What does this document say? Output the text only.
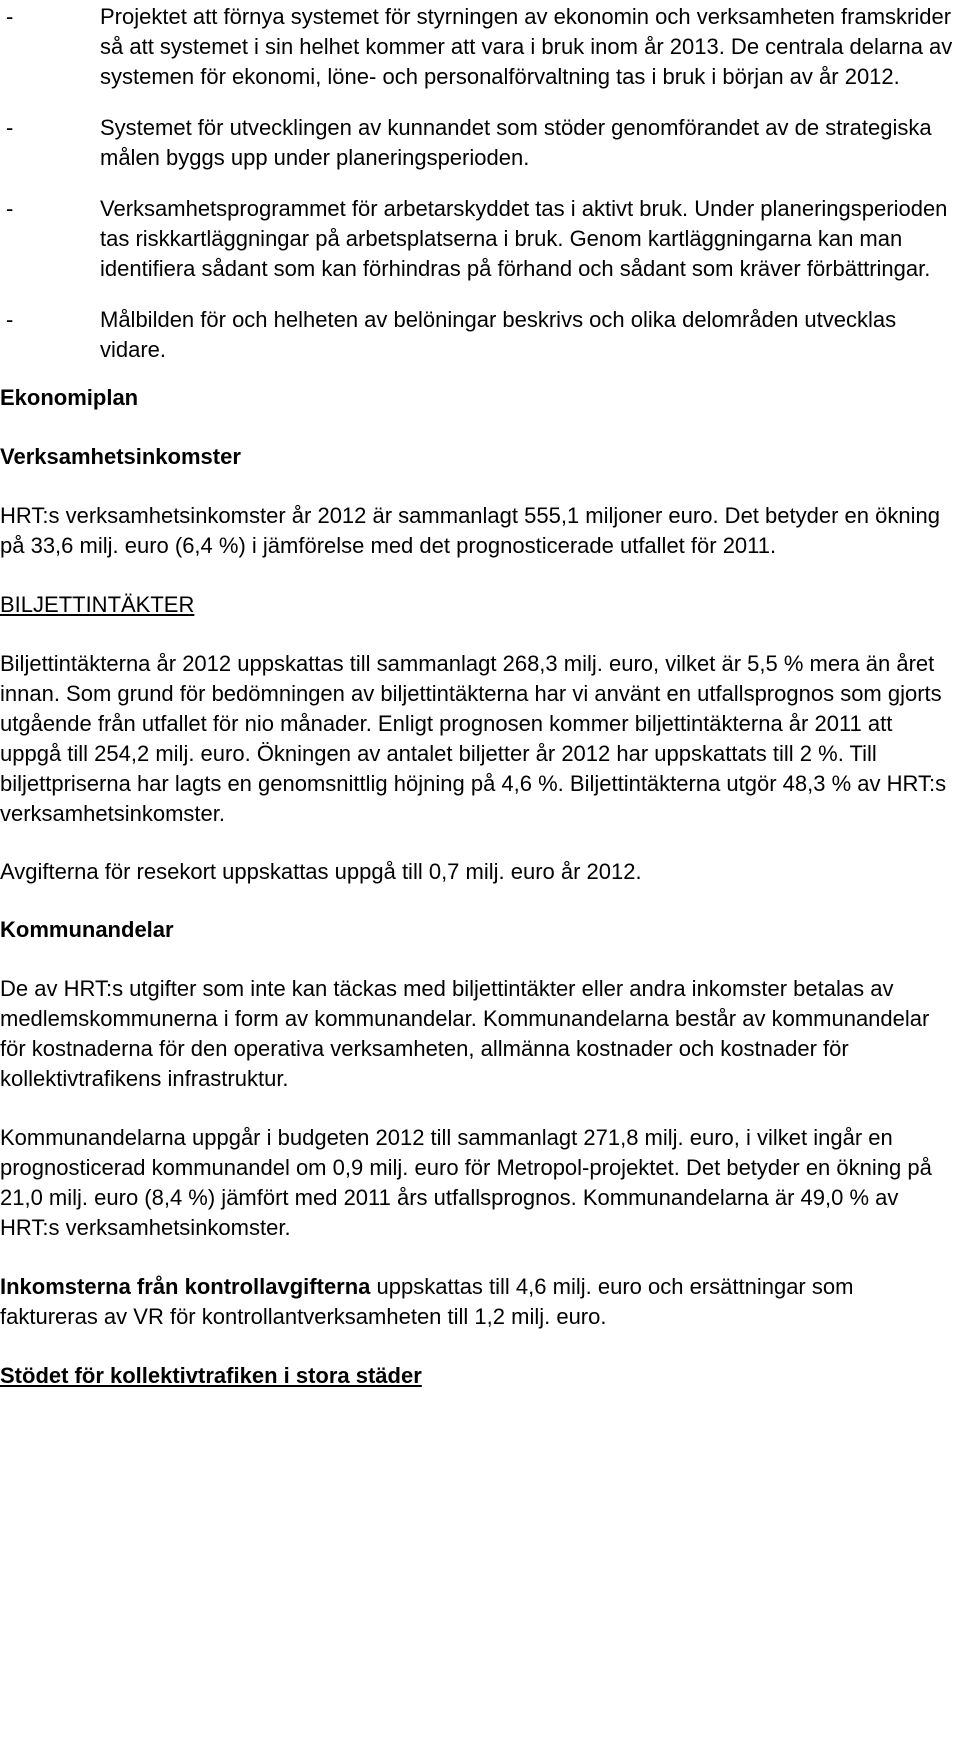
-	Projektet att förnya systemet för styrningen av ekonomin och verksamheten framskrider så att systemet i sin helhet kommer att vara i bruk inom år 2013. De centrala delarna av systemen för ekonomi, löne- och personalförvaltning tas i bruk i början av år 2012.

-	Systemet för utvecklingen av kunnandet som stöder genomförandet av de strategiska målen byggs upp under planeringsperioden.

-	Verksamhetsprogrammet för arbetarskyddet tas i aktivt bruk. Under planeringsperioden tas riskkartläggningar på arbetsplatserna i bruk. Genom kartläggningarna kan man identifiera sådant som kan förhindras på förhand och sådant som kräver förbättringar.

-	Målbilden för och helheten av belöningar beskrivs och olika delområden utvecklas vidare.

Ekonomiplan

Verksamhetsinkomster

HRT:s verksamhetsinkomster år 2012 är sammanlagt 555,1 miljoner euro. Det betyder en ökning på 33,6 milj. euro (6,4 %) i jämförelse med det prognosticerade utfallet för 2011.

BILJETTINTÄKTER

Biljettintäkterna år 2012 uppskattas till sammanlagt 268,3 milj. euro, vilket är 5,5 % mera än året innan. Som grund för bedömningen av biljettintäkterna har vi använt en utfallsprognos som gjorts utgående från utfallet för nio månader. Enligt prognosen kommer biljettintäkterna år 2011 att uppgå till 254,2 milj. euro. Ökningen av antalet biljetter år 2012 har uppskattats till 2 %. Till biljettpriserna har lagts en genomsnittlig höjning på 4,6 %. Biljettintäkterna utgör 48,3 % av HRT:s verksamhetsinkomster.

Avgifterna för resekort uppskattas uppgå till 0,7 milj. euro år 2012.

Kommunandelar

De av HRT:s utgifter som inte kan täckas med biljettintäkter eller andra inkomster betalas av medlemskommunerna i form av kommunandelar. Kommunandelarna består av kommunandelar för kostnaderna för den operativa verksamheten, allmänna kostnader och kostnader för kollektivtrafikens infrastruktur.

Kommunandelarna uppgår i budgeten 2012 till sammanlagt 271,8 milj. euro, i vilket ingår en prognosticerad kommunandel om 0,9 milj. euro för Metropol-projektet. Det betyder en ökning på 21,0 milj. euro (8,4 %) jämfört med 2011 års utfallsprognos. Kommunandelarna är 49,0 % av HRT:s verksamhetsinkomster.

Inkomsterna från kontrollavgifterna uppskattas till 4,6 milj. euro och ersättningar som faktureras av VR för kontrollantverksamheten till 1,2 milj. euro.

Stödet för kollektivtrafiken i stora städer
